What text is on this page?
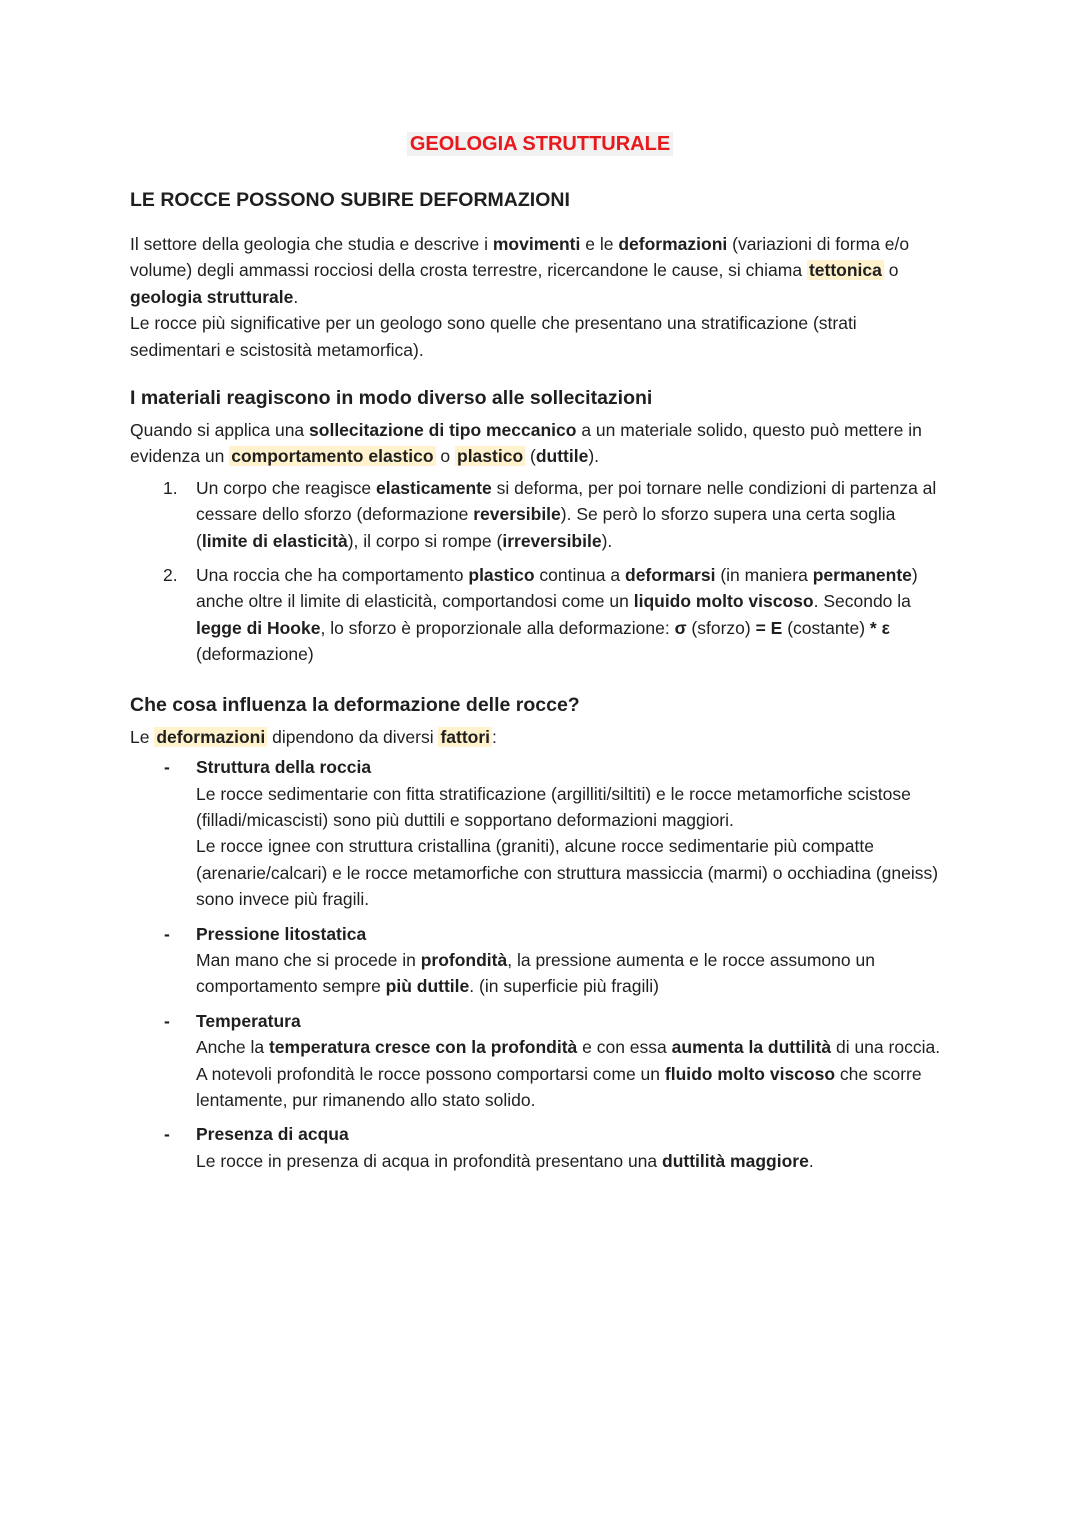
GEOLOGIA STRUTTURALE
LE ROCCE POSSONO SUBIRE DEFORMAZIONI

Il settore della geologia che studia e descrive i movimenti e le deformazioni (variazioni di forma e/o volume) degli ammassi rocciosi della crosta terrestre, ricercandone le cause, si chiama tettonica o geologia strutturale.

Le rocce più significative per un geologo sono quelle che presentano una stratificazione (strati sedimentari e scistosità metamorfica).

I materiali reagiscono in modo diverso alle sollecitazioni

Quando si applica una sollecitazione di tipo meccanico a un materiale solido, questo può mettere in evidenza un comportamento elastico o plastico (duttile).

1. Un corpo che reagisce elasticamente si deforma, per poi tornare nelle condizioni di partenza al cessare dello sforzo (deformazione reversibile). Se però lo sforzo supera una certa soglia (limite di elasticità), il corpo si rompe (irreversibile).
2. Una roccia che ha comportamento plastico continua a deformarsi (in maniera permanente) anche oltre il limite di elasticità, comportandosi come un liquido molto viscoso. Secondo la legge di Hooke, lo sforzo è proporzionale alla deformazione: σ (sforzo) = E (costante) * ε (deformazione)
Che cosa influenza la deformazione delle rocce?

Le deformazioni dipendono da diversi fattori :

- Struttura della roccia
Le rocce sedimentarie con fitta stratificazione (argilliti/siltiti) e le rocce metamorfiche scistose (filladi/micascisti) sono più duttili e sopportano deformazioni maggiori.
Le rocce ignee con struttura cristallina (graniti), alcune rocce sedimentarie più compatte (arenarie/calcari) e le rocce metamorfiche con struttura massiccia (marmi) o occhiadina (gneiss) sono invece più fragili.
- Pressione litostatica
Man mano che si procede in profondità, la pressione aumenta e le rocce assumono un comportamento sempre più duttile. (in superficie più fragili)
- Temperatura
Anche la temperatura cresce con la profondità e con essa aumenta la duttilità di una roccia. A notevoli profondità le rocce possono comportarsi come un fluido molto viscoso che scorre lentamente, pur rimanendo allo stato solido.
- Presenza di acqua
Le rocce in presenza di acqua in profondità presentano una duttilità maggiore.
